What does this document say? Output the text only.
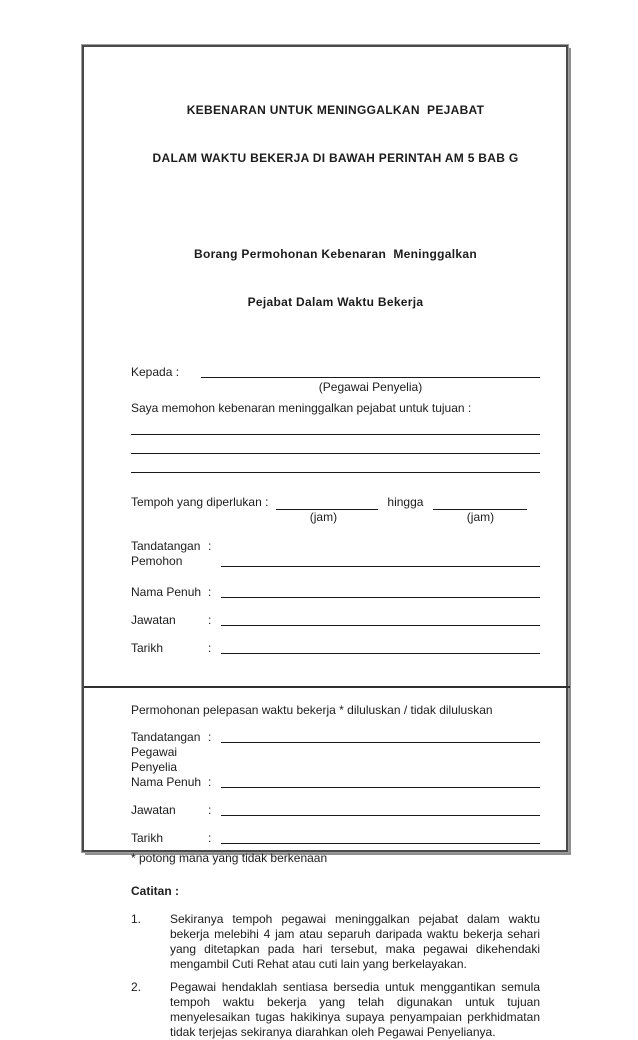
KEBENARAN UNTUK MENINGGALKAN  PEJABAT

DALAM WAKTU BEKERJA DI BAWAH PERINTAH AM 5 BAB G

Borang Permohonan Kebenaran  Meninggalkan

Pejabat Dalam Waktu Bekerja

Kepada :
(Pegawai Penyelia)
Saya memohon kebenaran meninggalkan pejabat untuk tujuan :
Tempoh yang diperlukan :
(jam)
hingga
(jam)
Tandatangan :
Pemohon
Nama Penuh :
Jawatan	:
Tarikh	:
Permohonan pelepasan waktu bekerja * diluluskan / tidak diluluskan
Tandatangan :
Pegawai Penyelia
Nama Penuh :
Jawatan	:
Tarikh	:
* potong mana yang tidak berkenaan
Catitan :
1.	Sekiranya tempoh pegawai meninggalkan pejabat dalam waktu bekerja melebihi 4 jam atau separuh daripada waktu bekerja sehari yang ditetapkan pada hari tersebut, maka pegawai dikehendaki mengambil Cuti Rehat atau cuti lain yang berkelayakan.
2.	Pegawai hendaklah sentiasa bersedia untuk menggantikan semula tempoh waktu bekerja yang telah digunakan untuk tujuan menyelesaikan tugas hakikinya supaya penyampaian perkhidmatan tidak terjejas sekiranya diarahkan oleh Pegawai Penyelianya.
